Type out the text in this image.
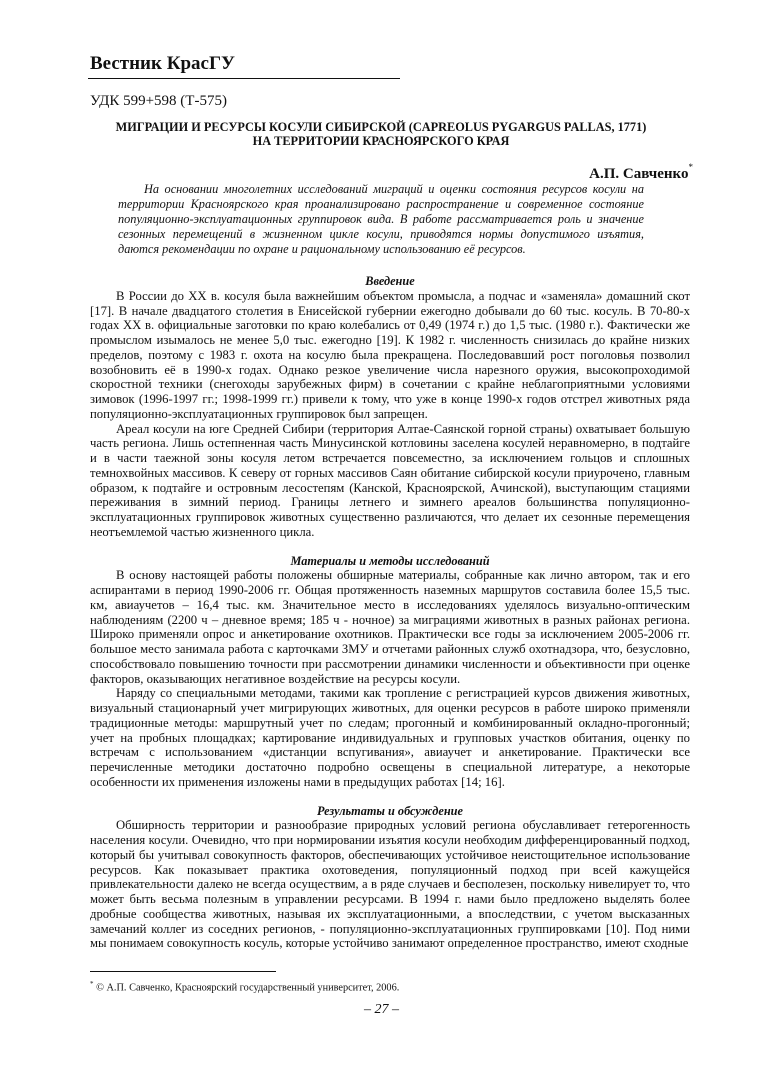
Вестник КрасГУ
УДК 599+598 (Т-575)
МИГРАЦИИ И РЕСУРСЫ КОСУЛИ СИБИРСКОЙ (CAPREOLUS PYGARGUS PALLAS, 1771)
НА ТЕРРИТОРИИ КРАСНОЯРСКОГО КРАЯ
А.П. Савченко*

На основании многолетних исследований миграций и оценки состояния ресурсов косули на территории Красноярского края проанализировано распространение и современное состояние популяционно-эксплуатационных группировок вида. В работе рассматривается роль и значение сезонных перемещений в жизненном цикле косули, приводятся нормы допустимого изъятия, даются рекомендации по охране и рациональному использованию её ресурсов.

Введение

В России до XX в. косуля была важнейшим объектом промысла, а подчас и «заменяла» домашний скот [17]. В начале двадцатого столетия в Енисейской губернии ежегодно добывали до 60 тыс. косуль. В 70-80-х годах XX в. официальные заготовки по краю колебались от 0,49 (1974 г.) до 1,5 тыс. (1980 г.). Фактически же промыслом изымалось не менее 5,0 тыс. ежегодно [19]. К 1982 г. численность снизилась до крайне низких пределов, поэтому с 1983 г. охота на косулю была прекращена. Последовавший рост поголовья позволил возобновить её в 1990-х годах. Однако резкое увеличение числа нарезного оружия, высокопроходимой скоростной техники (снегоходы зарубежных фирм) в сочетании с крайне неблагоприятными условиями зимовок (1996-1997 гг.; 1998-1999 гг.) привели к тому, что уже в конце 1990-х годов отстрел животных ряда популяционно-эксплуатационных группировок был запрещен.

Ареал косули на юге Средней Сибири (территория Алтае-Саянской горной страны) охватывает большую часть региона. Лишь остепненная часть Минусинской котловины заселена косулей неравномерно, в подтайге и в части таежной зоны косуля летом встречается повсеместно, за исключением гольцов и сплошных темнохвойных массивов. К северу от горных массивов Саян обитание сибирской косули приурочено, главным образом, к подтайге и островным лесостепям (Канской, Красноярской, Ачинской), выступающим стациями переживания в зимний период. Границы летнего и зимнего ареалов большинства популяционно-эксплуатационных группировок животных существенно различаются, что делает их сезонные перемещения неотъемлемой частью жизненного цикла.

Материалы и методы исследований

В основу настоящей работы положены обширные материалы, собранные как лично автором, так и его аспирантами в период 1990-2006 гг. Общая протяженность наземных маршрутов составила более 15,5 тыс. км, авиаучетов – 16,4 тыс. км. Значительное место в исследованиях уделялось визуально-оптическим наблюдениям (2200 ч – дневное время; 185 ч - ночное) за миграциями животных в разных районах региона. Широко применяли опрос и анкетирование охотников. Практически все годы за исключением 2005-2006 гг. большое место занимала работа с карточками ЗМУ и отчетами районных служб охотнадзора, что, безусловно, способствовало повышению точности при рассмотрении динамики численности и объективности при оценке факторов, оказывающих негативное воздействие на ресурсы косули.

Наряду со специальными методами, такими как тропление с регистрацией курсов движения животных, визуальный стационарный учет мигрирующих животных, для оценки ресурсов в работе широко применяли традиционные методы: маршрутный учет по следам; прогонный и комбинированный окладно-прогонный; учет на пробных площадках; картирование индивидуальных и групповых участков обитания, оценку по встречам с использованием «дистанции вспугивания», авиаучет и анкетирование. Практически все перечисленные методики достаточно подробно освещены в специальной литературе, а некоторые особенности их применения изложены нами в предыдущих работах [14; 16].

Результаты и обсуждение

Обширность территории и разнообразие природных условий региона обуславливает гетерогенность населения косули. Очевидно, что при нормировании изъятия косули необходим дифференцированный подход, который бы учитывал совокупность факторов, обеспечивающих устойчивое неистощительное использование ресурсов. Как показывает практика охотоведения, популяционный подход при всей кажущейся привлекательности далеко не всегда осуществим, а в ряде случаев и бесполезен, поскольку нивелирует то, что может быть весьма полезным в управлении ресурсами. В 1994 г. нами было предложено выделять более дробные сообщества животных, называя их эксплуатационными, а впоследствии, с учетом высказанных замечаний коллег из соседних регионов, - популяционно-эксплуатационных группировками [10]. Под ними мы понимаем совокупность косуль, которые устойчиво занимают определенное пространство, имеют сходные

* © А.П. Савченко, Красноярский государственный университет, 2006.
– 27 –
